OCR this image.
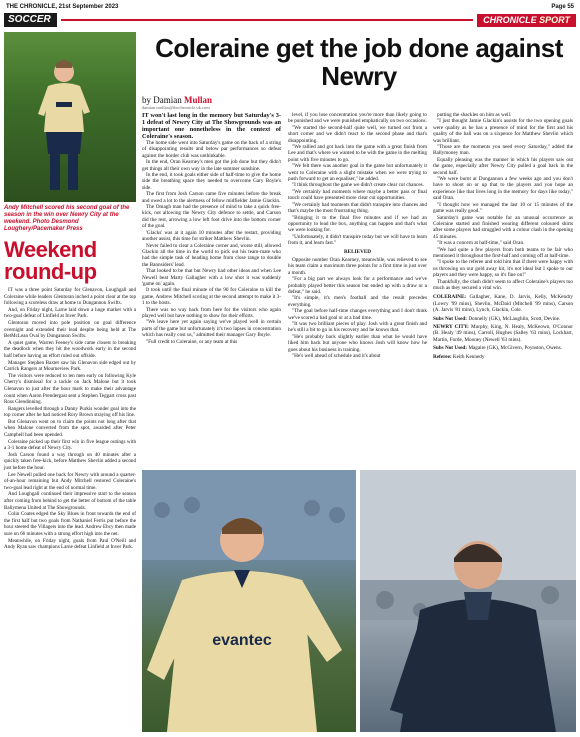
THE CHRONICLE, 21st September 2023	Page 55
SOCCER	CHRONICLE SPORT
Andy Mitchell scored his second goal of the season in the win over Newry City at the weekend. Photo Desmond Loughery/Pacemaker Press
Weekend round-up

IT was a three point Saturday for Glenavon, Loughgall and Coleraine while leaders Glentoran inched a point clear at the top following a scoreless draw at home to Dungannon Swifts.

And, on Friday night, Larne laid down a huge marker with a two-goal defeat of Linfield at Inver Park.

Glentoran moved into pole position on goal difference overnight and extended their lead despite being held at The BetMcLean Oval by Dungannon Swifts.

A quiet game, Warren Feeney's side came closest to breaking the deadlock when they hit the woodwork early in the second half before having an effort ruled out offside.

Manager Stephen Baxter saw his Glenavon side edged out by Carrick Rangers at Mourneview Park.

The visitors were reduced to ten men early on following Kyle Cherry's dismissal for a tackle on Jack Malone but it took Glenavon to just after the hour mark to make their advantage count when Aaron Prendergast sent a Stephen Teggart cross past Ross Glendinning.

Rangers levelled through a Danny Purkis wonder goal into the top corner after he had noticed Rory Brown straying off his line.

But Glenavon went on to claim the points not long after that when Malone converted from the spot, awarded after Peter Campbell had been upended.

Coleraine picked up their first win in five league outings with a 3-1 home defeat of Newry City.

Josh Carson found a way through on 40 minutes after a quickly taken free-kick, before Matthew Shevlin added a second just before the hour.

Lee Newell pulled one back for Newry with around a quarter-of-an-hour remaining but Andy Mitchell restored Coleraine's two-goal lead right at the end of normal time.

And Loughgall continued their impressive start to the season after coming from behind to get the better of bottom of the table Ballymena United at The Showgrounds.

Colin Coates edged the Sky Blues in front towards the end of the first half but two goals from Nathaniel Ferris put before the hour steered the Villagers into the lead. Andrew Ebcy then made sure on 66 minutes with a strong effort high into the net.

Meanwhile, on Friday night, goals from Paul O'Neill and Andy Ryan saw champions Larne defeat Linfield at Inver Park.

Coleraine get the job done against Newry
by Damian Mullan
damian.mullan@thechronicle.uk.com

IT won't last long in the memory but Saturday's 3-1 defeat of Newry City at The Showgrounds was an important one nonetheless in the context of Coleraine's season.

The home side went into Saturday's game on the back of a string of disappointing results and below par performances so defeat against the border club was unthinkable.

In the end, Oran Kearney's men got the job done but they didn't get things all their own way in the late summer sunshine.

In the end, it took goals either side of half-time to give the home side the breathing space they needed to overcome Gary Boyle's side.

The first from Josh Carson came five minutes before the break and owed a lot to the alertness of fellow midfielder Jamie Glackin.

The Omagh man had the presence of mind to take a quick free-kick, not allowing the Newry City defence to settle, and Carson did the rest, arrowing a low left foot drive into the bottom corner of the goal.

'Glacks' was at it again 10 minutes after the restart, providing another assist, this time for striker Matthew Shevlin.

Never failed to clear a Coleraine corner and, worse still, allowed Glackin all the time in the world to pick out his team-mate who had the simple task of heading home from close range to double the Bannsiders' lead.

That looked to be that but Newry had other ideas and when Lee Newell beat Marty Gallagher with a low shot it was suddenly 'game on' again.

It took until the final minute of the 90 for Coleraine to kill the game, Andrew Mitchell scoring at the second attempt to make it 3-1 to the hosts.

There was no way back from here for the visitors who again played well but have nothing to show for their efforts.

"We leave here yet again saying we've played well in certain parts of the game but unfortunately it's two lapses in concentration which has really cost us," admitted their manager Gary Boyle.

"Full credit to Coleraine, or any team at this

level, if you lose concentration you're more than likely going to be punished and we were punished emphatically on two occasions.

"We started the second-half quite well, we turned out from a short corner and we didn't react to the second phase and that's disappointing.

"We rallied and got back into the game with a great finish from Lee and that's where we wanted to be with the game in the melting point with five minutes to go.

"We felt there was another goal in the game but unfortunately it went to Coleraine with a slight mistake when we were trying to push forward to get an equaliser," he added.

"I think throughout the game we didn't create clear cut chances.

"We certainly had moments where maybe a better pass or final touch could have presented more clear cut opportunities.

"We certainly had moments that didn't transpire into chances and that's maybe the most frustrating thing.

"Bringing it to the final five minutes and if we had an opportunity to lead the box, anything can happen and that's what we were looking for.

"Unfortunately, it didn't transpire today but we will have to learn from it, and learn fast."

RELIEVED

Opposite number Oran Kearney, meanwhile, was relieved to see his team claim a maximum three points for a first time in just over a month.

"For a big part we always look for a performance and we've probably played better this season but ended up with a draw or a defeat," he said.

"It's simple, it's men's football and the result precedes everything.

"The goal before half-time changes everything and I don't think we've scored a bad goal or at a bad time.

"It was two brilliant pieces of play. Josh with a great finish and he's still a bit to go in his recovery and he knows that.

"He's probably back slightly earlier than what he would have liked him back but anyone who knows Josh will know how he goes about his business in training.

"He's well ahead of schedule and it's about

putting the shackles on him as well.

"I just thought Jamie Glackin's assists for the two opening goals were quality as he has a presence of mind for the first and his quality of the ball was on a sixpence for Matthew Shevlin which was brilliant.

"Those are the moments you need every Saturday," added the Ballymoney man.

Equally pleasing was the manner in which his players saw out the game, especially after Newry City pulled a goal back in the second half.

"We were burnt at Dungannon a few weeks ago and you don't have to shoot on or up that to the players and you hope an experience like that lives long in the memory for days like today," said Oran.

"I thought how we managed the last 10 or 15 minutes of the game was really good."

Saturday's game was notable for an unusual occurrence as Coleraine started and finished wearing different coloured shirts after some players had struggled with a colour clash in the opening 45 minutes.

"It was a concern at half-time," said Oran.

"We had quite a few players from both teams to be fair who mentioned it throughout the first-half and coming off at half-time.

"I spoke to the referee and told him that if there were happy with us throwing on our gold away kit, it's not ideal but I spoke to our players and they were happy, so it's fine on!"

Thankfully, the clash didn't seem to affect Coleraine's players too much as they secured a vital win.

COLERAINE: Gallagher, Kane, D. Jarvis, Kelly, McKendry (Lowry '99 mins), Shevlin, McDaid (Mitchell '99 mins), Carson (A. Jarvis '81 mins), Lynch, Glackin, Cole.

Subs Not Used: Donnelly (GK), McLaughlin, Scott, Devine.

NEWRY CITY: Murphy, King, N. Healy, McKeown, O'Connor (B. Healy '49 mins), Carroll, Hughes (Salley '63 mins), Lockhart, Martin, Forde, Mooney (Newell '63 mins).

Subs Not Used: Magaire (GK), McGivern, Poynston, Owens.

Referee: Keith Kennedy

evantec
